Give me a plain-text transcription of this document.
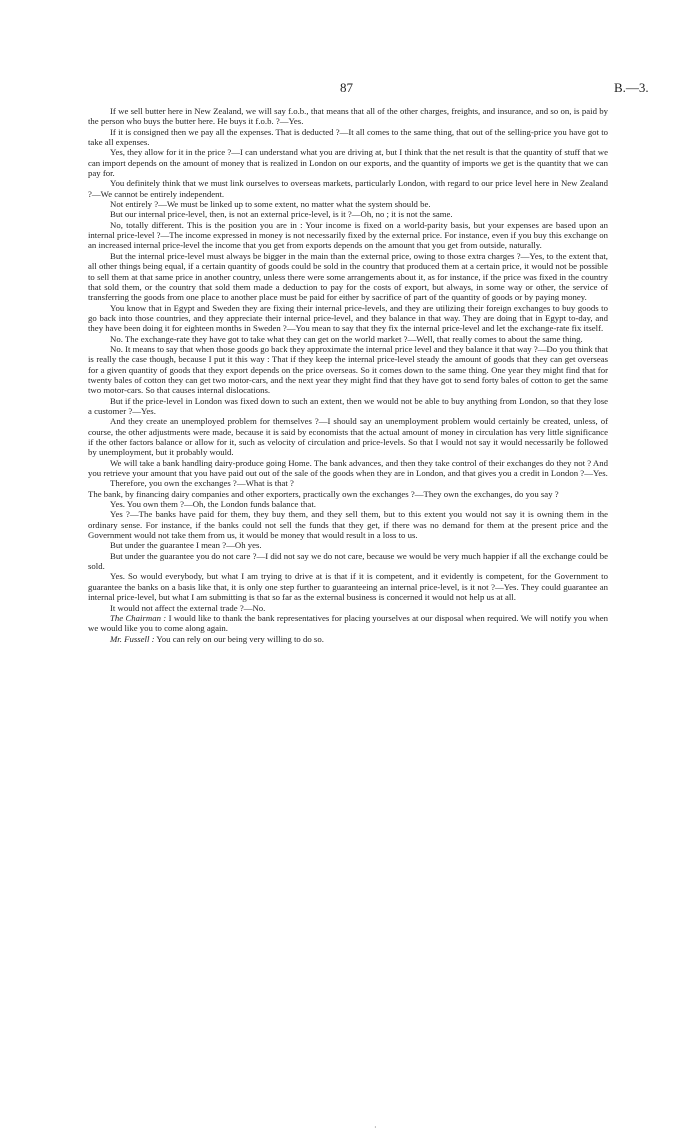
87	B.—3.

If we sell butter here in New Zealand, we will say f.o.b., that means that all of the other charges, freights, and insurance, and so on, is paid by the person who buys the butter here. He buys it f.o.b. ?—Yes.

If it is consigned then we pay all the expenses. That is deducted ?—It all comes to the same thing, that out of the selling-price you have got to take all expenses.

Yes, they allow for it in the price ?—I can understand what you are driving at, but I think that the net result is that the quantity of stuff that we can import depends on the amount of money that is realized in London on our exports, and the quantity of imports we get is the quantity that we can pay for.

You definitely think that we must link ourselves to overseas markets, particularly London, with regard to our price level here in New Zealand ?—We cannot be entirely independent.

Not entirely ?—We must be linked up to some extent, no matter what the system should be.

But our internal price-level, then, is not an external price-level, is it ?—Oh, no ; it is not the same.

No, totally different. This is the position you are in : Your income is fixed on a world-parity basis, but your expenses are based upon an internal price-level ?—The income expressed in money is not necessarily fixed by the external price. For instance, even if you buy this exchange on an increased internal price-level the income that you get from exports depends on the amount that you get from outside, naturally.

But the internal price-level must always be bigger in the main than the external price, owing to those extra charges ?—Yes, to the extent that, all other things being equal, if a certain quantity of goods could be sold in the country that produced them at a certain price, it would not be possible to sell them at that same price in another country, unless there were some arrangements about it, as for instance, if the price was fixed in the country that sold them, or the country that sold them made a deduction to pay for the costs of export, but always, in some way or other, the service of transferring the goods from one place to another place must be paid for either by sacrifice of part of the quantity of goods or by paying money.

You know that in Egypt and Sweden they are fixing their internal price-levels, and they are utilizing their foreign exchanges to buy goods to go back into those countries, and they appreciate their internal price-level, and they balance in that way. They are doing that in Egypt to-day, and they have been doing it for eighteen months in Sweden ?—You mean to say that they fix the internal price-level and let the exchange-rate fix itself.

No. The exchange-rate they have got to take what they can get on the world market ?—Well, that really comes to about the same thing.

No. It means to say that when those goods go back they approximate the internal price level and they balance it that way ?—Do you think that is really the case though, because I put it this way : That if they keep the internal price-level steady the amount of goods that they can get overseas for a given quantity of goods that they export depends on the price overseas. So it comes down to the same thing. One year they might find that for twenty bales of cotton they can get two motor-cars, and the next year they might find that they have got to send forty bales of cotton to get the same two motor-cars. So that causes internal dislocations.

But if the price-level in London was fixed down to such an extent, then we would not be able to buy anything from London, so that they lose a customer ?—Yes.

And they create an unemployed problem for themselves ?—I should say an unemployment problem would certainly be created, unless, of course, the other adjustments were made, because it is said by economists that the actual amount of money in circulation has very little significance if the other factors balance or allow for it, such as velocity of circulation and price-levels. So that I would not say it would necessarily be followed by unemployment, but it probably would.

We will take a bank handling dairy-produce going Home. The bank advances, and then they take control of their exchanges do they not ? And you retrieve your amount that you have paid out out of the sale of the goods when they are in London, and that gives you a credit in London ?—Yes.

Therefore, you own the exchanges ?—What is that ?

The bank, by financing dairy companies and other exporters, practically own the exchanges ?—They own the exchanges, do you say ?

Yes. You own them ?—Oh, the London funds balance that.

Yes ?—The banks have paid for them, they buy them, and they sell them, but to this extent you would not say it is owning them in the ordinary sense. For instance, if the banks could not sell the funds that they get, if there was no demand for them at the present price and the Government would not take them from us, it would be money that would result in a loss to us.

But under the guarantee I mean ?—Oh yes.

But under the guarantee you do not care ?—I did not say we do not care, because we would be very much happier if all the exchange could be sold.

Yes. So would everybody, but what I am trying to drive at is that if it is competent, and it evidently is competent, for the Government to guarantee the banks on a basis like that, it is only one step further to guaranteeing an internal price-level, is it not ?—Yes. They could guarantee an internal price-level, but what I am submitting is that so far as the external business is concerned it would not help us at all.

It would not affect the external trade ?—No.

The Chairman : I would like to thank the bank representatives for placing yourselves at our disposal when required. We will notify you when we would like you to come along again.

Mr. Fussell : You can rely on our being very willing to do so.

·
